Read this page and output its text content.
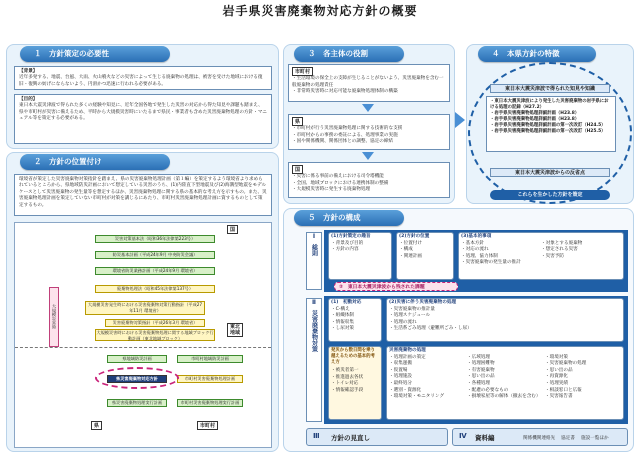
岩手県災害廃棄物対応方針の概要
１　方針策定の必要性
【背景】
近年多発する、地震、台風、大雨、火山噴火などの災害によって生じる廃棄物の処理は、被害を受けた地域における復旧・復興の妨げにならないよう、円滑かつ迅速に行われる必要がある。
【目的】
東日本大震災津波で得られた多くの経験や知見に、近年全国各地で発生した災害の対応から得た知見や課題も踏まえ、県や市町村が災害に備えるため、平時から大規模災害時にいたるまで県民・事業者も含めた災害廃棄物処理の方針・マニュアル等を策定する必要がある。
２　方針の位置付け
環境省が策定した災害廃棄物対策指針を踏まえ、県の災害廃棄物処理計画（第１編）を策定するよう環境省より求められているところから、県地域防災計画において想定している災害のうち、(1)内陸直下型地震及び(2)海溝型地震をモデルケースとして災害廃棄物の発生量等を想定するほか、災害廃棄物処理に関する県の基本的な考え方を示すもの。また、災害廃棄物処理計画を策定していない市町村が対策を講じるにあたり、市町村災害廃棄物処理計画に資するものとして策定するもの。
国
災害対策基本法（昭和36年法律第223号）
防災基本計画（平成24年9月 中央防災会議）
環境省防災業務計画（平成24年9月 環境省）
廃棄物処理法（昭和45年法律第137号）
大規模災害発生時における災害廃棄物対策行動指針（平成27年11月 環境省）
災害廃棄物対策指針（平成26年3月 環境省）
大規模災害時における災害廃棄物処理に関する地域ブロック行動計画（東北地域ブロック）
東北
地域
大規模災害時
県地域防災計画	市町村地域防災計画
県災害廃棄物対応方針	市町村災害廃棄物処理計画
県災害廃棄物処理実行計画	市町村災害廃棄物処理実行計画
県	市町村
３　各主体の役割
市町村
・ 生活環境の保全上の支障が生じることがないよう、災害廃棄物を含む一般廃棄物の処理責任
・ 非常時災害時に対応可能な廃棄物処理体制の構築
県
・ 市町村が行う災害廃棄物処理に関する技術的な支援
・ 市町村からの事務の委託による、処理事業の実施
・ 国や関係機関、関係団体との調整、協定の締結
国
・ 災害に係る事前の備えにおける司令塔機能
・ 全国、地域ブロックにおける連携体制の整備
・ 大規模災害時に発生する廃棄物処理
４　本県方針の特徴
東日本大震災津波で得られた知見や知識
・ 東日本大震災津波により発生した災害廃棄物の岩手県における処理の記録（H27.2）
・ 岩手県災害廃棄物処理詳細計画（H23.8）
・ 岩手県災害廃棄物処理詳細計画（H23.8）
・ 岩手県災害廃棄物処理詳細計画の第一次改訂（H24.5）
・ 岩手県災害廃棄物処理詳細計画の第一次改訂（H25.5）
東日本大震災津波からの反省点
これらを生かした方針を策定
５　方針の構成
Ⅰ
総則
(1)方針策定の趣旨
・ 背景及び目的
・ 方針の内容
(2)方針の位置
・ 位置付け
・ 構成
・ 関連計画
(3)基本的事項
・ 基本方針	・ 対象とする廃棄物
・ 対応の流れ	・ 想定される災害
・ 処理、協力体制	・ 災害予防
・ 災害廃棄物の発生量の推計
②　東日本大震災津波から残された課題
Ⅱ
災害廃棄物対策
(1)　初動対応
・ C-構え
・ 組織体制
・ 情報収集
・ し尿対策
(2)災害に伴う災害廃棄物の処理
・ 災害廃棄物の推計量
・ 処理スケジュール
・ 処理の流れ
・ 生活系ごみ処理（避難所ごみ・し尿）
発災から数日間を乗り越えるための基本的考え方
・ 被災者第一
・ 推進過去各状
・ トイレ対応
・ 情報確認手段
災害廃棄物の処理
・ 処理計画の策定
・ 収集運搬
・ 仮置場
・ 処理施設
・ 最終処分
・ 選別・資源化
・ 環境対策・モニタリング
・ 広域処理
・ 処理困難物
・ 有害廃棄物
・ 思い出の品
・ 各種処理
・ 配慮の必要なもの
・ 損壊家屋等の解体（撤去を含む）
・ 環境対策
・ 災害廃棄物の処理
・ 思い出の品
・ 再資源化
・ 処理実績
・ 相談窓口と広報
・ 災害報告書
Ⅲ 方針の見直し	Ⅳ 資料編	関係機関連絡先 協定書 施設一覧ほか
